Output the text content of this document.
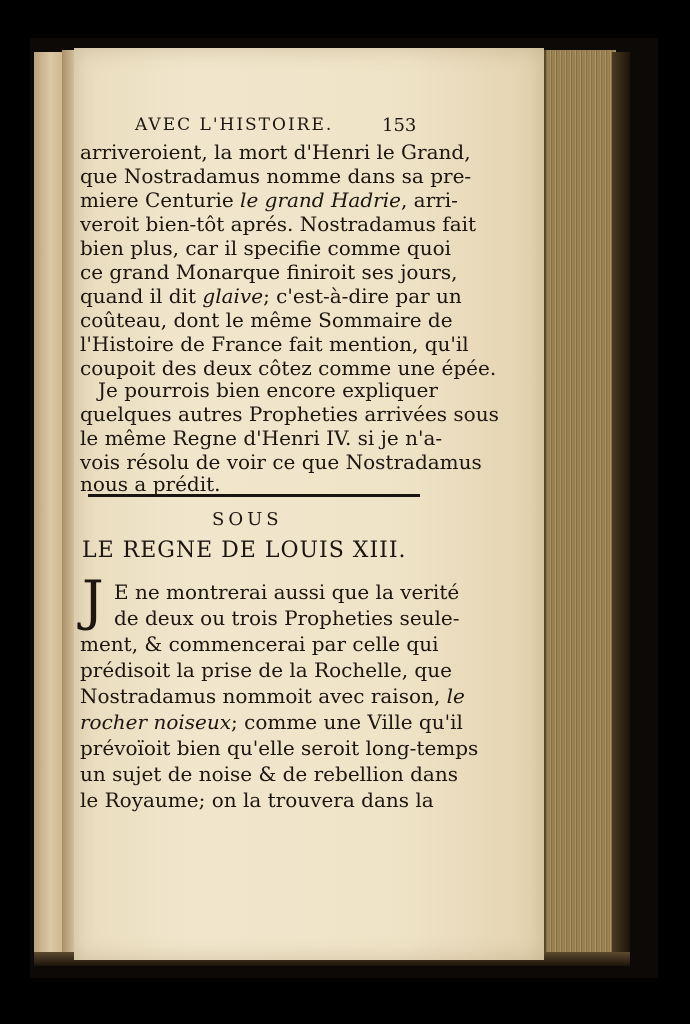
AVEC L'HISTOIRE.	153
arriveroient, la mort d'Henri le Grand,
que Nostradamus nomme dans sa pre-
miere Centurie le grand Hadrie, arri-
veroit bien-tôt aprés. Nostradamus fait
bien plus, car il specifie comme quoi
ce grand Monarque finiroit ses jours,
quand il dit glaive; c'est-à-dire par un
coûteau, dont le même Sommaire de
l'Histoire de France fait mention, qu'il
coupoit des deux côtez comme une épée.
Je pourrois bien encore expliquer
quelques autres Propheties arrivées sous
le même Regne d'Henri IV. si je n'a-
SOUS
LE REGNE DE LOUIS XIII.
J E ne montrerai aussi que la verité
de deux ou trois Propheties seule-
ment, & commencerai par celle qui
prédisoit la prise de la Rochelle, que
Nostradamus nommoit avec raison, le
rocher noiseux; comme une Ville qu'il
prévoïoit bien qu'elle seroit long-temps
un sujet de noise & de rebellion dans
le Royaume; on la trouvera dans la
vois résolu de voir ce que Nostradamus
nous a prédit.
